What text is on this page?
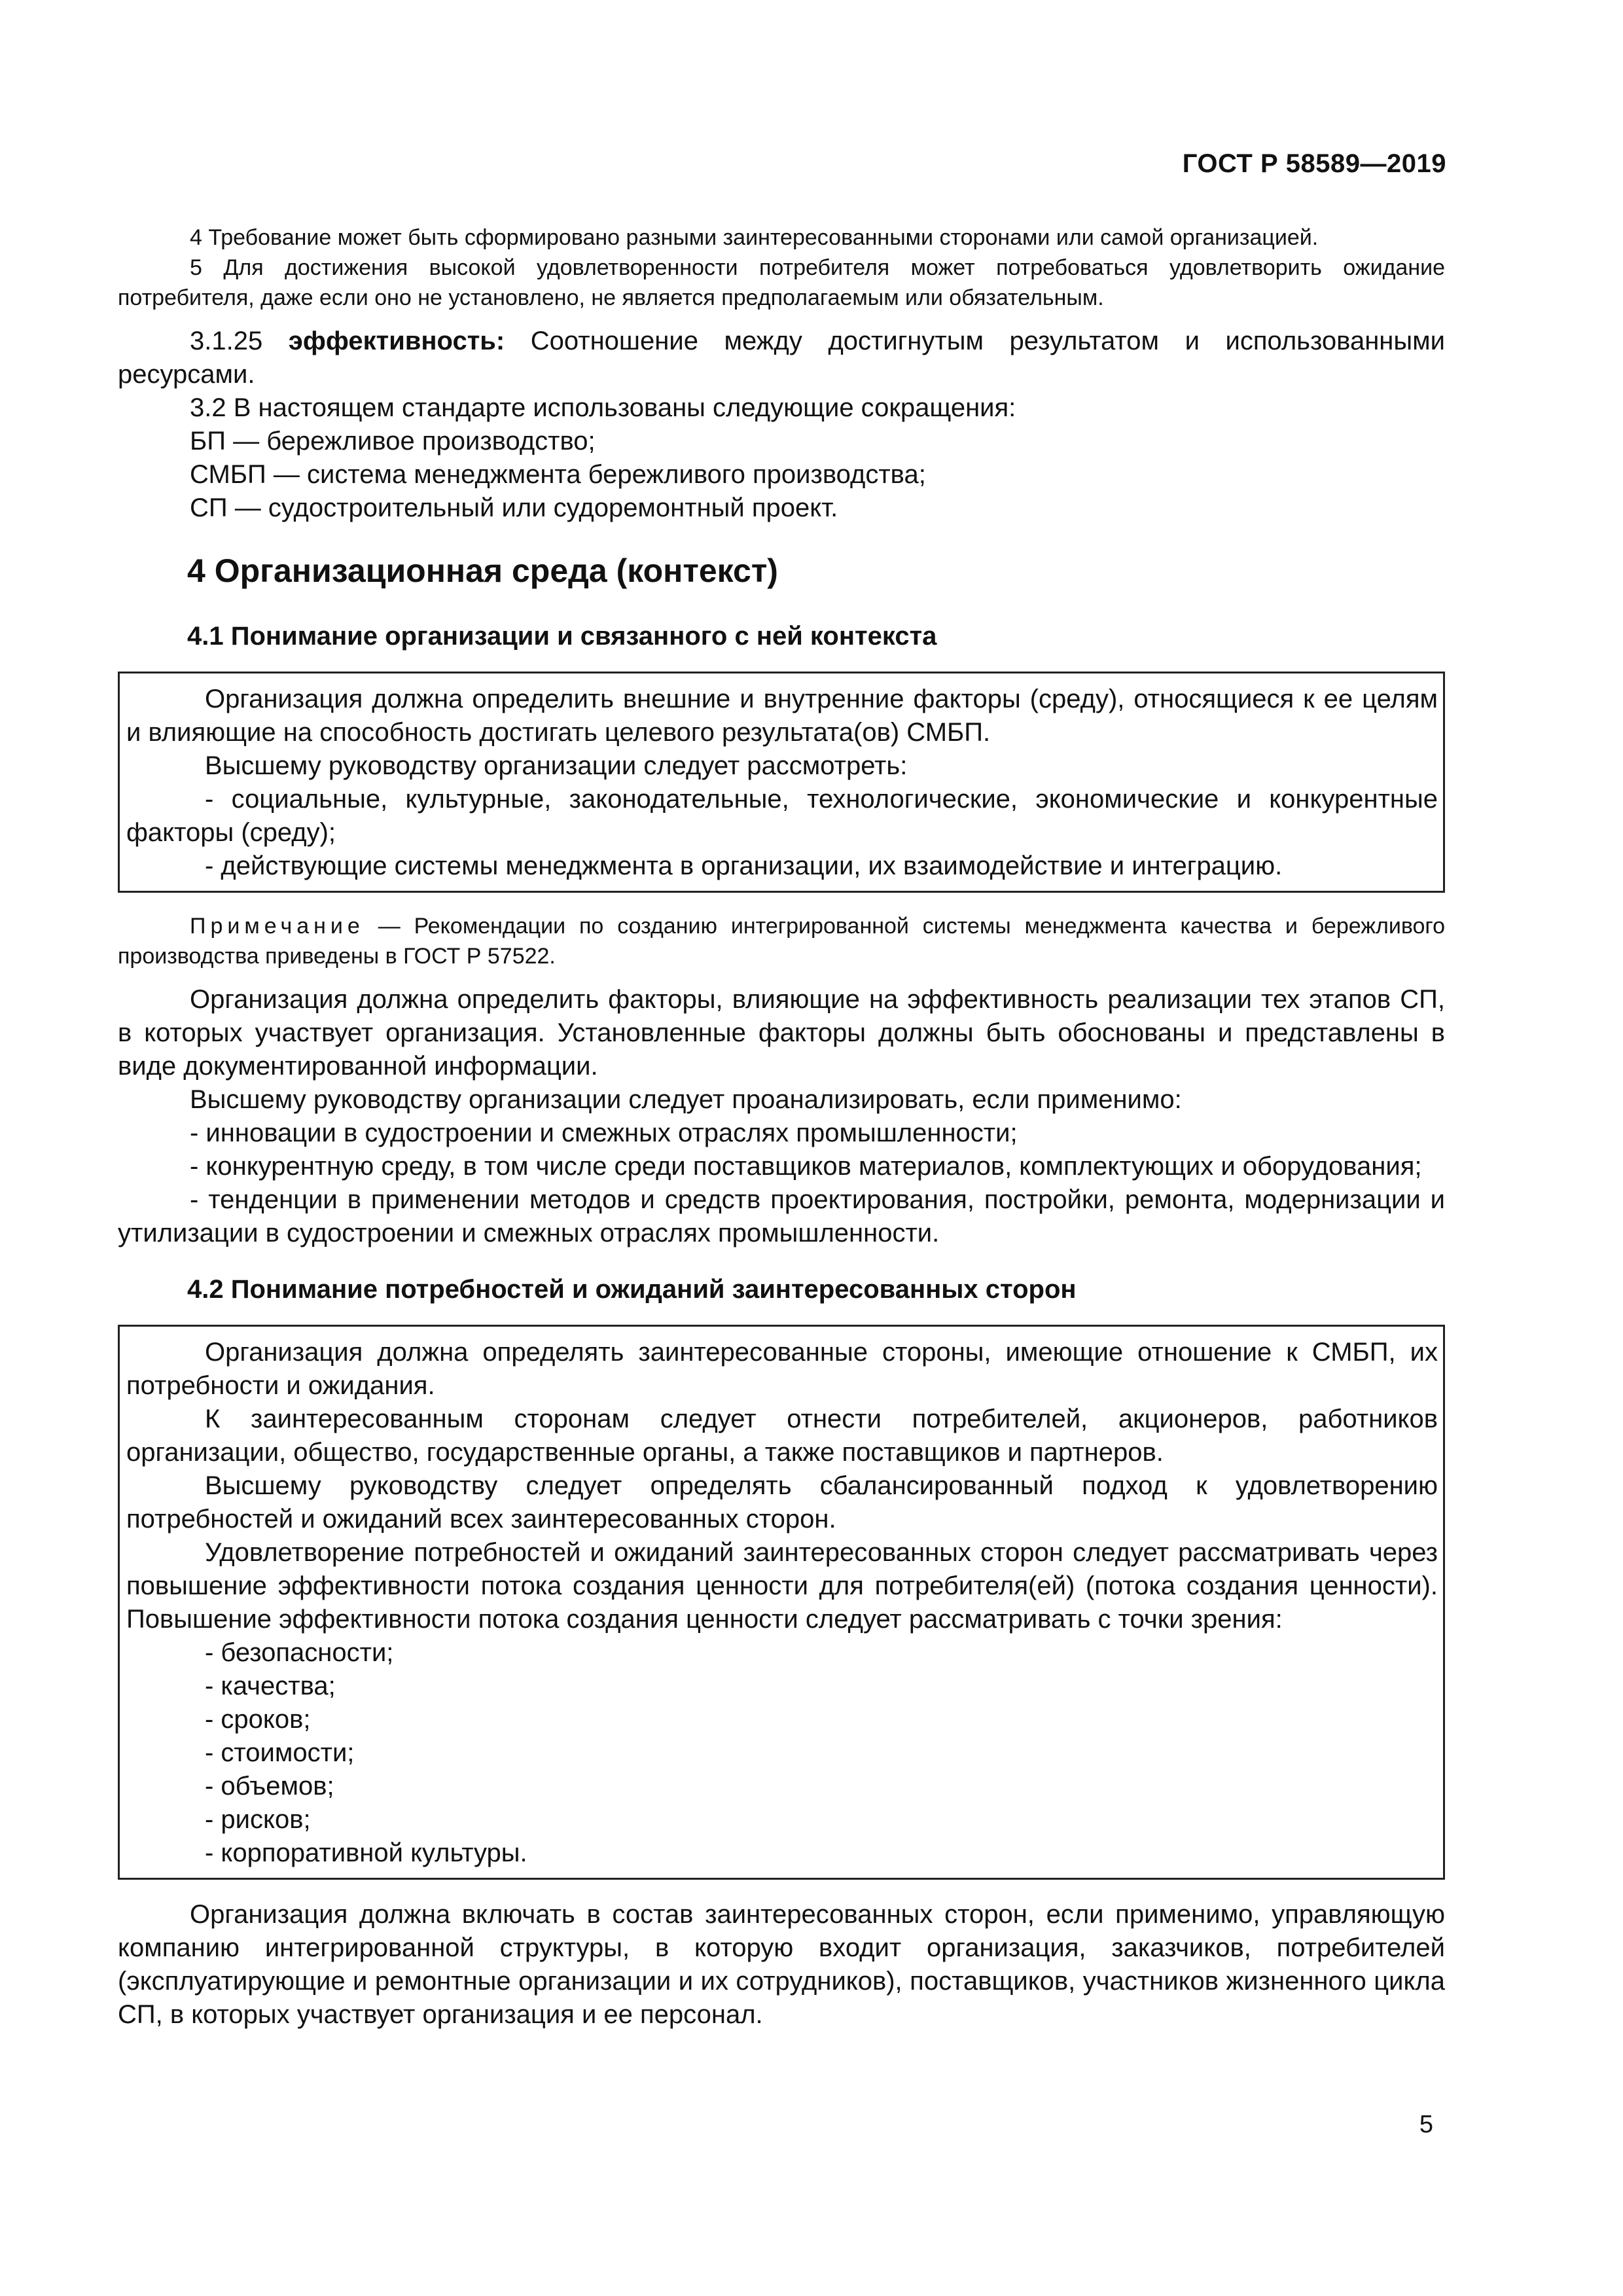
ГОСТ Р 58589—2019

4 Требование может быть сформировано разными заинтересованными сторонами или самой организацией.

5 Для достижения высокой удовлетворенности потребителя может потребоваться удовлетворить ожидание потребителя, даже если оно не установлено, не является предполагаемым или обязательным.

3.1.25 эффективность: Соотношение между достигнутым результатом и использованными ресурсами.

3.2 В настоящем стандарте использованы следующие сокращения:

БП — бережливое производство;

СМБП — система менеджмента бережливого производства;

СП — судостроительный или судоремонтный проект.

4 Организационная среда (контекст)
4.1 Понимание организации и связанного с ней контекста

Организация должна определить внешние и внутренние факторы (среду), относящиеся к ее целям и влияющие на способность достигать целевого результата(ов) СМБП.

Высшему руководству организации следует рассмотреть:

- социальные, культурные, законодательные, технологические, экономические и конкурентные факторы (среду);

- действующие системы менеджмента в организации, их взаимодействие и интеграцию.

Примечание — Рекомендации по созданию интегрированной системы менеджмента качества и бережливого производства приведены в ГОСТ Р 57522.

Организация должна определить факторы, влияющие на эффективность реализации тех этапов СП, в которых участвует организация. Установленные факторы должны быть обоснованы и представлены в виде документированной информации.

Высшему руководству организации следует проанализировать, если применимо:

- инновации в судостроении и смежных отраслях промышленности;

- конкурентную среду, в том числе среди поставщиков материалов, комплектующих и оборудования;

- тенденции в применении методов и средств проектирования, постройки, ремонта, модернизации и утилизации в судостроении и смежных отраслях промышленности.

4.2 Понимание потребностей и ожиданий заинтересованных сторон

Организация должна определять заинтересованные стороны, имеющие отношение к СМБП, их потребности и ожидания.

К заинтересованным сторонам следует отнести потребителей, акционеров, работников организации, общество, государственные органы, а также поставщиков и партнеров.

Высшему руководству следует определять сбалансированный подход к удовлетворению потребностей и ожиданий всех заинтересованных сторон.

Удовлетворение потребностей и ожиданий заинтересованных сторон следует рассматривать через повышение эффективности потока создания ценности для потребителя(ей) (потока создания ценности). Повышение эффективности потока создания ценности следует рассматривать с точки зрения:

- безопасности;

- качества;

- сроков;

- стоимости;

- объемов;

- рисков;

- корпоративной культуры.

Организация должна включать в состав заинтересованных сторон, если применимо, управляющую компанию интегрированной структуры, в которую входит организация, заказчиков, потребителей (эксплуатирующие и ремонтные организации и их сотрудников), поставщиков, участников жизненного цикла СП, в которых участвует организация и ее персонал.

5
